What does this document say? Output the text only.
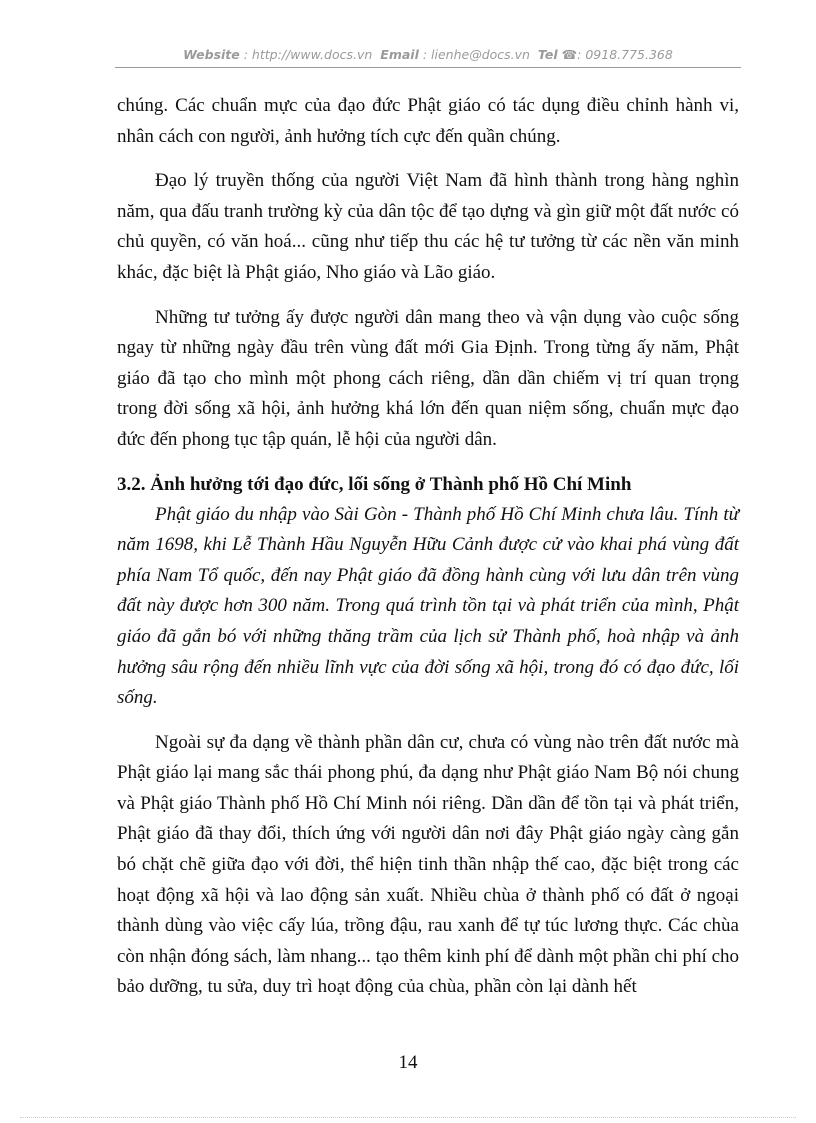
Website : http://www.docs.vn Email : lienhe@docs.vn Tel ☎: 0918.775.368

chúng. Các chuẩn mực của đạo đức Phật giáo có tác dụng điều chỉnh hành vi, nhân cách con người, ảnh hưởng tích cực đến quần chúng.

Đạo lý truyền thống của người Việt Nam đã hình thành trong hàng nghìn năm, qua đấu tranh trường kỳ của dân tộc để tạo dựng và gìn giữ một đất nước có chủ quyền, có văn hoá... cũng như tiếp thu các hệ tư tưởng từ các nền văn minh khác, đặc biệt là Phật giáo, Nho giáo và Lão giáo.

Những tư tưởng ấy được người dân mang theo và vận dụng vào cuộc sống ngay từ những ngày đầu trên vùng đất mới Gia Định. Trong từng ấy năm, Phật giáo đã tạo cho mình một phong cách riêng, dần dần chiếm vị trí quan trọng trong đời sống xã hội, ảnh hưởng khá lớn đến quan niệm sống, chuẩn mực đạo đức đến phong tục tập quán, lễ hội của người dân.

3.2. Ảnh hưởng tới đạo đức, lối sống ở Thành phố Hồ Chí Minh

Phật giáo du nhập vào Sài Gòn - Thành phố Hồ Chí Minh chưa lâu. Tính từ năm 1698, khi Lễ Thành Hầu Nguyễn Hữu Cảnh được cử vào khai phá vùng đất phía Nam Tổ quốc, đến nay Phật giáo đã đồng hành cùng với lưu dân trên vùng đất này được hơn 300 năm. Trong quá trình tồn tại và phát triển của mình, Phật giáo đã gắn bó với những thăng trầm của lịch sử Thành phố, hoà nhập và ảnh hưởng sâu rộng đến nhiều lĩnh vực của đời sống xã hội, trong đó có đạo đức, lối sống.

Ngoài sự đa dạng về thành phần dân cư, chưa có vùng nào trên đất nước mà Phật giáo lại mang sắc thái phong phú, đa dạng như Phật giáo Nam Bộ nói chung và Phật giáo Thành phố Hồ Chí Minh nói riêng. Dần dần để tồn tại và phát triển, Phật giáo đã thay đổi, thích ứng với người dân nơi đây Phật giáo ngày càng gắn bó chặt chẽ giữa đạo với đời, thể hiện tinh thần nhập thế cao, đặc biệt trong các hoạt động xã hội và lao động sản xuất. Nhiều chùa ở thành phố có đất ở ngoại thành dùng vào việc cấy lúa, trồng đậu, rau xanh để tự túc lương thực. Các chùa còn nhận đóng sách, làm nhang... tạo thêm kinh phí để dành một phần chi phí cho bảo dưỡng, tu sửa, duy trì hoạt động của chùa, phần còn lại dành hết

14
